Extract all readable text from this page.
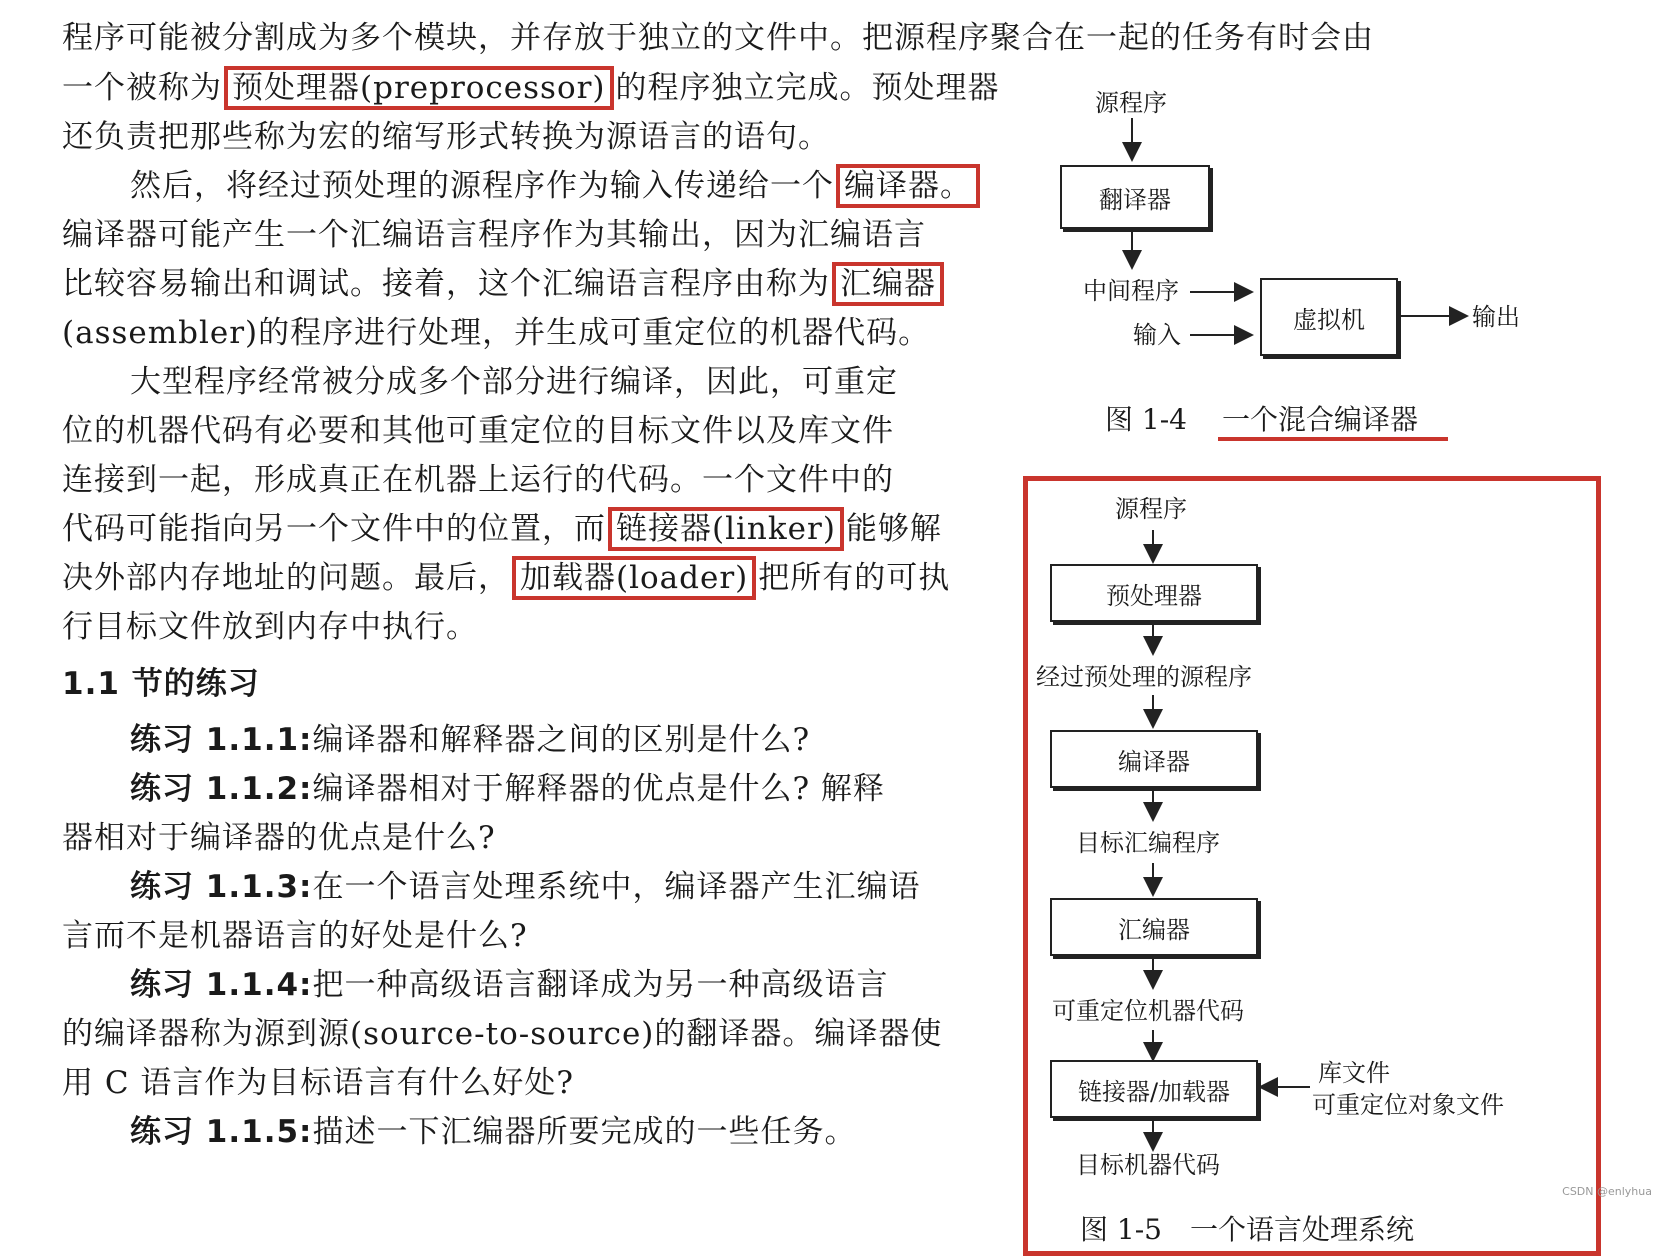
程序可能被分割成为多个模块，并存放于独立的文件中。把源程序聚合在一起的任务有时会由
一个被称为 预处理器(preprocessor) 的程序独立完成。预处理器
还负责把那些称为宏的缩写形式转换为源语言的语句。
然后，将经过预处理的源程序作为输入传递给一个 编译器。
编译器可能产生一个汇编语言程序作为其输出，因为汇编语言
比较容易输出和调试。接着，这个汇编语言程序由称为 汇编器
(assembler)的程序进行处理，并生成可重定位的机器代码。
大型程序经常被分成多个部分进行编译，因此，可重定
位的机器代码有必要和其他可重定位的目标文件以及库文件
连接到一起，形成真正在机器上运行的代码。一个文件中的
代码可能指向另一个文件中的位置，而 链接器(linker) 能够解
决外部内存地址的问题。最后， 加载器(loader) 把所有的可执
行目标文件放到内存中执行。
1.1 节的练习
练习 1.1.1:编译器和解释器之间的区别是什么?
练习 1.1.2:编译器相对于解释器的优点是什么? 解释
器相对于编译器的优点是什么?
练习 1.1.3:在一个语言处理系统中，编译器产生汇编语
言而不是机器语言的好处是什么?
练习 1.1.4:把一种高级语言翻译成为另一种高级语言
的编译器称为源到源(source-to-source)的翻译器。编译器使
用 C 语言作为目标语言有什么好处?
练习 1.1.5:描述一下汇编器所要完成的一些任务。
源程序
翻译器
中间程序
输入
虚拟机	输出
图 1-4 一个混合编译器
源程序
预处理器
经过预处理的源程序
编译器
目标汇编程序
汇编器
可重定位机器代码
链接器/加载器
库文件
可重定位对象文件
目标机器代码
图 1-5 一个语言处理系统
CSDN @enlyhua
